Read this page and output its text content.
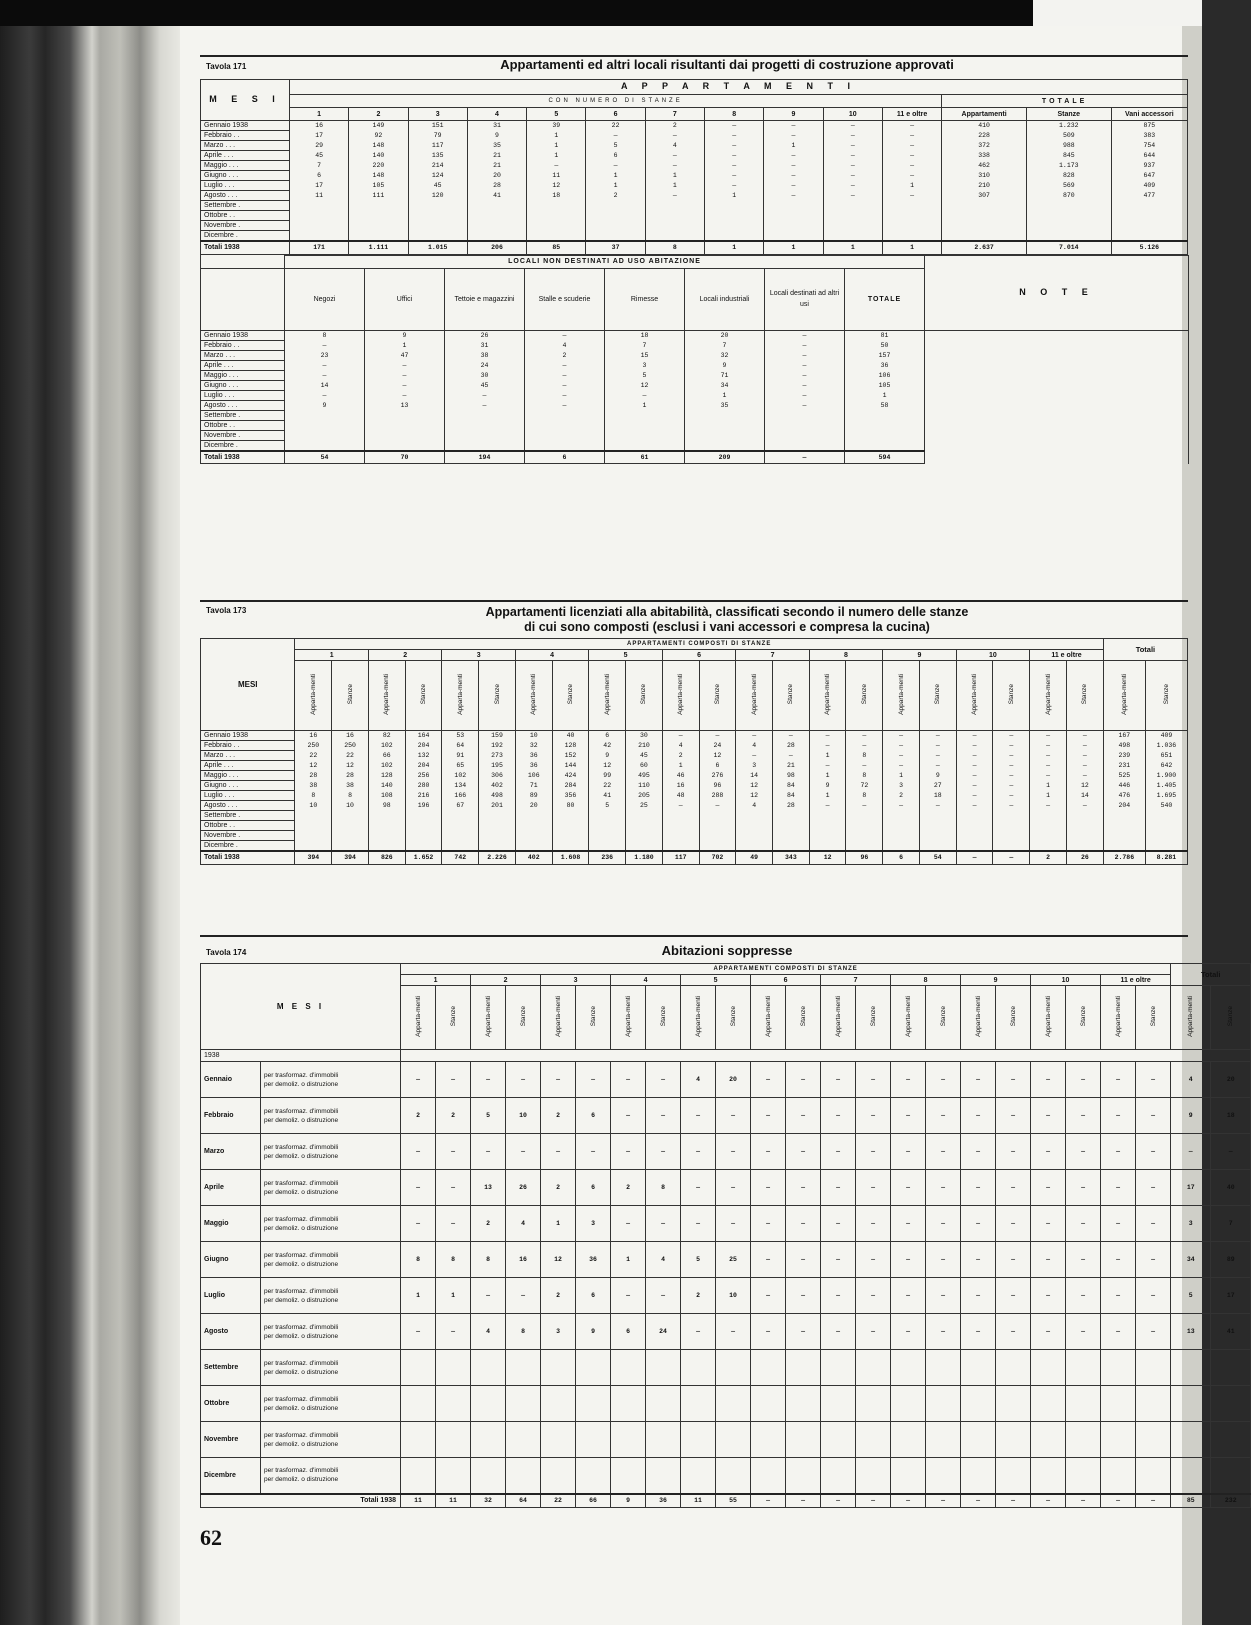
Tavola 171	Appartamenti ed altri locali risultanti dai progetti di costruzione approvati
M E S I	A P P A R T A M E N T I													
	CON NUMERO DI STANZE											TOTALE		
	1	2	3	4	5	6	7	8	9	10	11 e oltre	Appartamenti	Stanze	Vani accessori
Gennaio 1938	16	149	151	31	39	22	2	—	—	—	—	410	1.232	875
Febbraio . .	17	92	79	9	1	—	—	—	—	—	—	228	509	383
Marzo . . .	29	148	117	35	1	5	4	—	1	—	—	372	988	754
Aprile . . .	45	140	135	21	1	6	—	—	—	—	—	338	845	644
Maggio . . .	7	220	214	21	—	—	—	—	—	—	—	462	1.173	937
Giugno . . .	6	148	124	20	11	1	1	—	—	—	—	310	828	647
Luglio . . .	17	105	45	28	12	1	1	—	—	—	1	210	569	409
Agosto . . .	11	111	120	41	18	2	—	1	—	—	—	307	870	477
Settembre .														
Ottobre . .														
Novembre .														
Dicembre .														
Totali 1938	171	1.111	1.015	206	85	37	8	1	1	1	1	2.637	7.014	5.126
	LOCALI NON DESTINATI AD USO ABITAZIONE								N O T E
	Negozi	Uffici	Tettoie e magazzini	Stalle e scuderie	Rimesse	Locali industriali	Locali destinati ad altri usi	TOTALE	
Gennaio 1938	8	9	26	—	18	20	—	81	
Febbraio . .	—	1	31	4	7	7	—	50	
Marzo . . .	23	47	38	2	15	32	—	157	
Aprile . . .	—	—	24	—	3	9	—	36	
Maggio . . .	—	—	30	—	5	71	—	106	
Giugno . . .	14	—	45	—	12	34	—	105	
Luglio . . .	—	—	—	—	—	1	—	1	
Agosto . . .	9	13	—	—	1	35	—	58	
Settembre .									
Ottobre . .									
Novembre .									
Dicembre .									
Totali 1938	54	70	194	6	61	209	—	594	
Tavola 173	Appartamenti licenziati alla abitabilità, classificati secondo il numero delle stanze
di cui sono composti (esclusi i vani accessori e compresa la cucina)
MESI	APPARTAMENTI COMPOSTI DI STANZE																						Totali	
	1		2		3		4		5		6		7		8		9		10		11 e oltre			
	Apparta-menti	Stanze	Apparta-menti	Stanze	Apparta-menti	Stanze	Apparta-menti	Stanze	Apparta-menti	Stanze	Apparta-menti	Stanze	Apparta-menti	Stanze	Apparta-menti	Stanze	Apparta-menti	Stanze	Apparta-menti	Stanze	Apparta-menti	Stanze	Apparta-menti	Stanze
Gennaio 1938	16	16	82	164	53	159	10	40	6	30	—	—	—	—	—	—	—	—	—	—	—	—	167	409
Febbraio . .	250	250	102	204	64	192	32	128	42	210	4	24	4	28	—	—	—	—	—	—	—	—	498	1.036
Marzo . . .	22	22	66	132	91	273	36	152	9	45	2	12	—	—	1	8	—	—	—	—	—	—	239	651
Aprile . . .	12	12	102	204	65	195	36	144	12	60	1	6	3	21	—	—	—	—	—	—	—	—	231	642
Maggio . . .	28	28	128	256	102	306	106	424	99	495	46	276	14	98	1	8	1	9	—	—	—	—	525	1.900
Giugno . . .	38	38	140	280	134	402	71	284	22	110	16	96	12	84	9	72	3	27	—	—	1	12	446	1.405
Luglio . . .	8	8	108	216	166	498	89	356	41	205	48	288	12	84	1	8	2	18	—	—	1	14	476	1.695
Agosto . . .	10	10	98	196	67	201	20	80	5	25	—	—	4	28	—	—	—	—	—	—	—	—	204	540
Settembre .																								
Ottobre . .																								
Novembre .																								
Dicembre .																								
Totali 1938	394	394	826	1.652	742	2.226	402	1.608	236	1.180	117	702	49	343	12	96	6	54	—	—	2	26	2.786	8.281
Tavola 174	Abitazioni soppresse
M E S I		APPARTAMENTI COMPOSTI DI STANZE																						Totali	
		1		2		3		4		5		6		7		8		9		10		11 e oltre			
		Apparta-menti	Stanze	Apparta-menti	Stanze	Apparta-menti	Stanze	Apparta-menti	Stanze	Apparta-menti	Stanze	Apparta-menti	Stanze	Apparta-menti	Stanze	Apparta-menti	Stanze	Apparta-menti	Stanze	Apparta-menti	Stanze	Apparta-menti	Stanze	Apparta-menti	Stanze
1938																									
Gennaio	per trasformaz. d'immobili
per demoliz. o distruzione	—	—	—	—	—	—	—	—	4	20	—	—	—	—	—	—	—	—	—	—	—	—	4	20
Febbraio	per trasformaz. d'immobili
per demoliz. o distruzione	2	2	5	10	2	6	—	—	—	—	—	—	—	—	—	—	—	—	—	—	—	—	9	18
Marzo	per trasformaz. d'immobili
per demoliz. o distruzione	—	—	—	—	—	—	—	—	—	—	—	—	—	—	—	—	—	—	—	—	—	—	—	—
Aprile	per trasformaz. d'immobili
per demoliz. o distruzione	—	—	13	26	2	6	2	8	—	—	—	—	—	—	—	—	—	—	—	—	—	—	17	40
Maggio	per trasformaz. d'immobili
per demoliz. o distruzione	—	—	2	4	1	3	—	—	—	—	—	—	—	—	—	—	—	—	—	—	—	—	3	7
Giugno	per trasformaz. d'immobili
per demoliz. o distruzione	8	8	8	16	12	36	1	4	5	25	—	—	—	—	—	—	—	—	—	—	—	—	34	89
Luglio	per trasformaz. d'immobili
per demoliz. o distruzione	1	1	—	—	2	6	—	—	2	10	—	—	—	—	—	—	—	—	—	—	—	—	5	17
Agosto	per trasformaz. d'immobili
per demoliz. o distruzione	—	—	4	8	3	9	6	24	—	—	—	—	—	—	—	—	—	—	—	—	—	—	13	41
Settembre	per trasformaz. d'immobili
per demoliz. o distruzione																								

Ottobre	per trasformaz. d'immobili
per demoliz. o distruzione																								

Novembre	per trasformaz. d'immobili
per demoliz. o distruzione																								

Dicembre	per trasformaz. d'immobili
per demoliz. o distruzione																								

Totali 1938		11	11	32	64	22	66	9	36	11	55	—	—	—	—	—	—	—	—	—	—	—	—	85	232
62
